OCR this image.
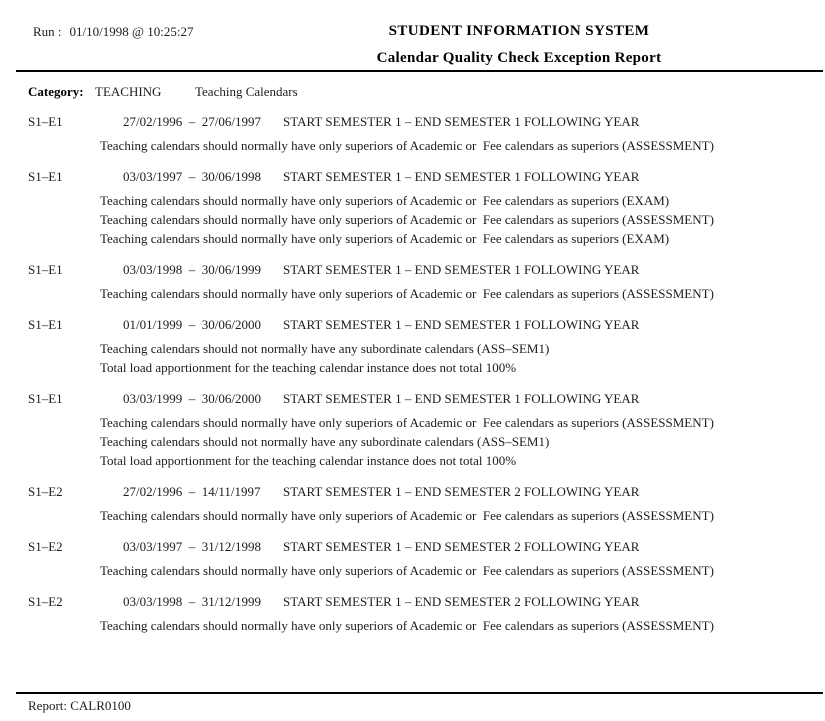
Run : 01/10/1998 @ 10:25:27	STUDENT INFORMATION SYSTEM
Calendar Quality Check Exception Report
Category: TEACHING	Teaching Calendars
S1–E1	27/02/1996  –  27/06/1997 START SEMESTER 1 – END SEMESTER 1 FOLLOWING YEAR
Teaching calendars should normally have only superiors of Academic or  Fee calendars as superiors (ASSESSMENT)
S1–E1	03/03/1997  –  30/06/1998 START SEMESTER 1 – END SEMESTER 1 FOLLOWING YEAR
Teaching calendars should normally have only superiors of Academic or  Fee calendars as superiors (EXAM)
Teaching calendars should normally have only superiors of Academic or  Fee calendars as superiors (ASSESSMENT)
Teaching calendars should normally have only superiors of Academic or  Fee calendars as superiors (EXAM)
S1–E1	03/03/1998  –  30/06/1999 START SEMESTER 1 – END SEMESTER 1 FOLLOWING YEAR
Teaching calendars should normally have only superiors of Academic or  Fee calendars as superiors (ASSESSMENT)
S1–E1	01/01/1999  –  30/06/2000 START SEMESTER 1 – END SEMESTER 1 FOLLOWING YEAR
Teaching calendars should not normally have any subordinate calendars (ASS–SEM1)
Total load apportionment for the teaching calendar instance does not total 100%
S1–E1	03/03/1999  –  30/06/2000 START SEMESTER 1 – END SEMESTER 1 FOLLOWING YEAR
Teaching calendars should normally have only superiors of Academic or  Fee calendars as superiors (ASSESSMENT)
Teaching calendars should not normally have any subordinate calendars (ASS–SEM1)
Total load apportionment for the teaching calendar instance does not total 100%
S1–E2	27/02/1996  –  14/11/1997 START SEMESTER 1 – END SEMESTER 2 FOLLOWING YEAR
Teaching calendars should normally have only superiors of Academic or  Fee calendars as superiors (ASSESSMENT)
S1–E2	03/03/1997  –  31/12/1998 START SEMESTER 1 – END SEMESTER 2 FOLLOWING YEAR
Teaching calendars should normally have only superiors of Academic or  Fee calendars as superiors (ASSESSMENT)
S1–E2	03/03/1998  –  31/12/1999 START SEMESTER 1 – END SEMESTER 2 FOLLOWING YEAR
Teaching calendars should normally have only superiors of Academic or  Fee calendars as superiors (ASSESSMENT)
Report: CALR0100
